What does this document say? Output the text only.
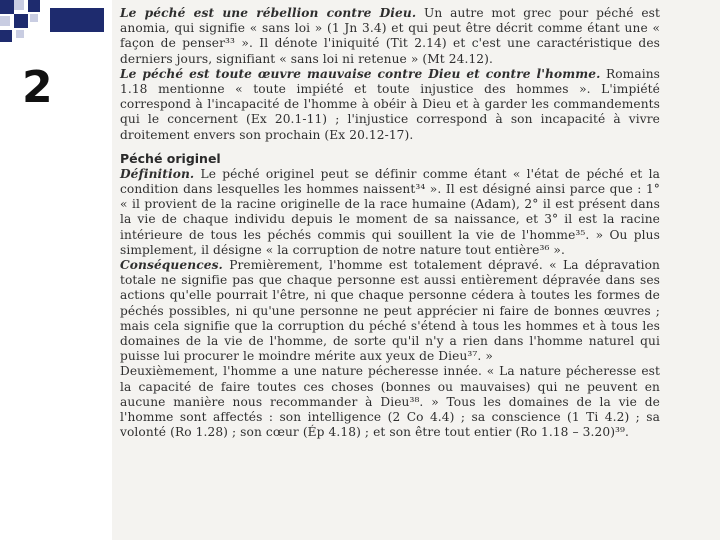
2

Le péché est une rébellion contre Dieu. Un autre mot grec pour péché est anomia, qui signifie « sans loi » (1 Jn 3.4) et qui peut être décrit comme étant une « façon de penser³³ ». Il dénote l'iniquité (Tit 2.14) et c'est une caractéristique des derniers jours, signifiant « sans loi ni retenue » (Mt 24.12).

Le péché est toute œuvre mauvaise contre Dieu et contre l'homme. Romains 1.18 mentionne « toute impiété et toute injustice des hommes ». L'impiété correspond à l'incapacité de l'homme à obéir à Dieu et à garder les commandements qui le concernent (Ex 20.1-11) ; l'injustice correspond à son incapacité à vivre droitement envers son prochain (Ex 20.12-17).

Péché originel

Définition. Le péché originel peut se définir comme étant « l'état de péché et la condition dans lesquelles les hommes naissent³⁴ ». Il est désigné ainsi parce que : 1° « il provient de la racine originelle de la race humaine (Adam), 2° il est présent dans la vie de chaque individu depuis le moment de sa naissance, et 3° il est la racine intérieure de tous les péchés commis qui souillent la vie de l'homme³⁵. » Ou plus simplement, il désigne « la corruption de notre nature tout entière³⁶ ».

Conséquences. Premièrement, l'homme est totalement dépravé. « La dépravation totale ne signifie pas que chaque personne est aussi entièrement dépravée dans ses actions qu'elle pourrait l'être, ni que chaque personne cédera à toutes les formes de péchés possibles, ni qu'une personne ne peut apprécier ni faire de bonnes œuvres ; mais cela signifie que la corruption du péché s'étend à tous les hommes et à tous les domaines de la vie de l'homme, de sorte qu'il n'y a rien dans l'homme naturel qui puisse lui procurer le moindre mérite aux yeux de Dieu³⁷. »

Deuxièmement, l'homme a une nature pécheresse innée. « La nature pécheresse est la capacité de faire toutes ces choses (bonnes ou mauvaises) qui ne peuvent en aucune manière nous recommander à Dieu³⁸. » Tous les domaines de la vie de l'homme sont affectés : son intelligence (2 Co 4.4) ; sa conscience (1 Ti 4.2) ; sa volonté (Ro 1.28) ; son cœur (Ép 4.18) ; et son être tout entier (Ro 1.18 – 3.20)³⁹.
